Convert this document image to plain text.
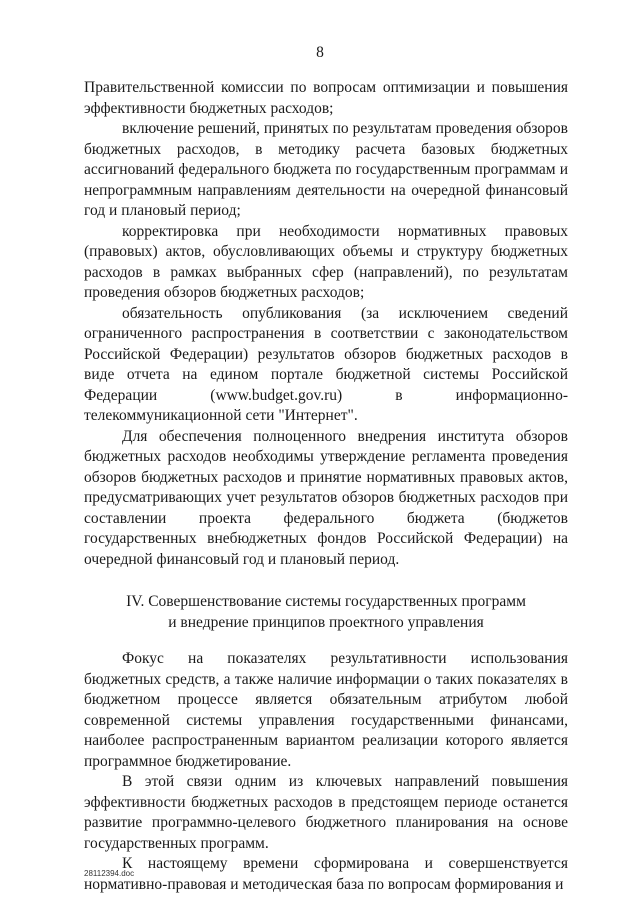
8

Правительственной комиссии по вопросам оптимизации и повышения эффективности бюджетных расходов;

включение решений, принятых по результатам проведения обзоров бюджетных расходов, в методику расчета базовых бюджетных ассигнований федерального бюджета по государственным программам и непрограммным направлениям деятельности на очередной финансовый год и плановый период;

корректировка при необходимости нормативных правовых (правовых) актов, обусловливающих объемы и структуру бюджетных расходов в рамках выбранных сфер (направлений), по результатам проведения обзоров бюджетных расходов;

обязательность опубликования (за исключением сведений ограниченного распространения в соответствии с законодательством Российской Федерации) результатов обзоров бюджетных расходов в виде отчета на едином портале бюджетной системы Российской Федерации (www.budget.gov.ru) в информационно-телекоммуникационной сети "Интернет".

Для обеспечения полноценного внедрения института обзоров бюджетных расходов необходимы утверждение регламента проведения обзоров бюджетных расходов и принятие нормативных правовых актов, предусматривающих учет результатов обзоров бюджетных расходов при составлении проекта федерального бюджета (бюджетов государственных внебюджетных фондов Российской Федерации) на очередной финансовый год и плановый период.

IV. Совершенствование системы государственных программ
и внедрение принципов проектного управления

Фокус на показателях результативности использования бюджетных средств, а также наличие информации о таких показателях в бюджетном процессе является обязательным атрибутом любой современной системы управления государственными финансами, наиболее распространенным вариантом реализации которого является программное бюджетирование.

В этой связи одним из ключевых направлений повышения эффективности бюджетных расходов в предстоящем периоде останется развитие программно-целевого бюджетного планирования на основе государственных программ.

К настоящему времени сформирована и совершенствуется нормативно-правовая и методическая база по вопросам формирования и

28112394.doc
